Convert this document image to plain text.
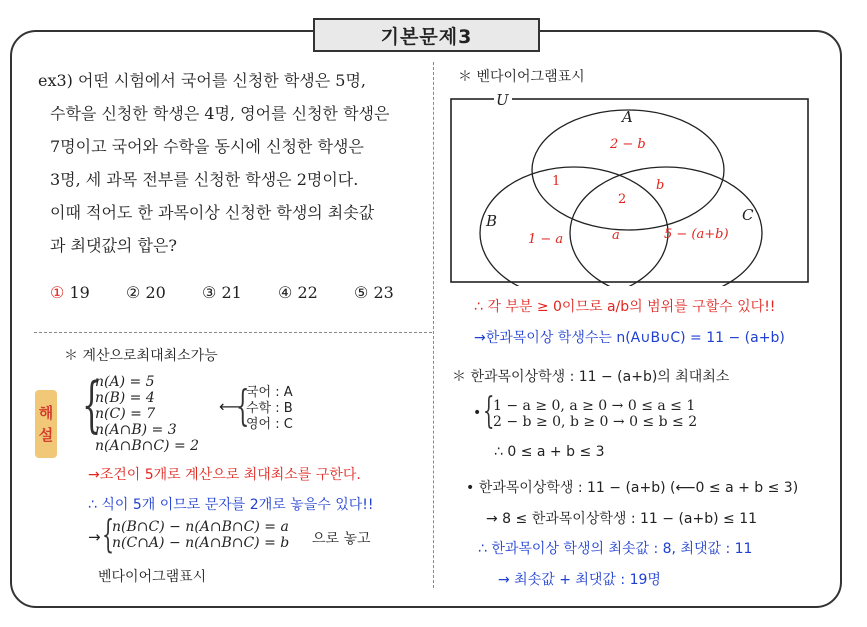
기본문제3
ex3) 어떤 시험에서 국어를 신청한 학생은 5명,
수학을 신청한 학생은 4명, 영어를 신청한 학생은
7명이고 국어와 수학을 동시에 신청한 학생은
3명, 세 과목 전부를 신청한 학생은 2명이다.
이때 적어도 한 과목이상 신청한 학생의 최솟값
과 최댓값의 합은?
① 19 ② 20 ③ 21 ④ 22 ⑤ 23
해
설
＊ 계산으로최대최소가능
{
n(A) = 5
n(B) = 4
n(C) = 7
n(A∩B) = 3
n(A∩B∩C) = 2
⟵
{
국어 : A
수학 : B
영어 : C
→조건이 5개로 계산으로 최대최소를 구한다.
∴ 식이 5개 이므로 문자를 2개로 놓을수 있다!!
→ {
n(B∩C) − n(A∩B∩C) = a
n(C∩A) − n(A∩B∩C) = b 으로 놓고
벤다이어그램표시
＊ 벤다이어그램표시
U
A
B	C
2 − b
1	b
2
1 − a	a	5 − (a+b)
∴ 각 부분 ≥ 0이므로 a/b의 범위를 구할수 있다!!
→한과목이상 학생수는 n(A∪B∪C) = 11 − (a+b)
＊ 한과목이상학생 : 11 − (a+b)의 최대최소
• {
1 − a ≥ 0, a ≥ 0 → 0 ≤ a ≤ 1
2 − b ≥ 0, b ≥ 0 → 0 ≤ b ≤ 2
∴ 0 ≤ a + b ≤ 3
• 한과목이상학생 : 11 − (a+b) (⟵0 ≤ a + b ≤ 3)
→ 8 ≤ 한과목이상학생 : 11 − (a+b) ≤ 11
∴ 한과목이상 학생의 최솟값 : 8, 최댓값 : 11
→ 최솟값 + 최댓값 : 19명
